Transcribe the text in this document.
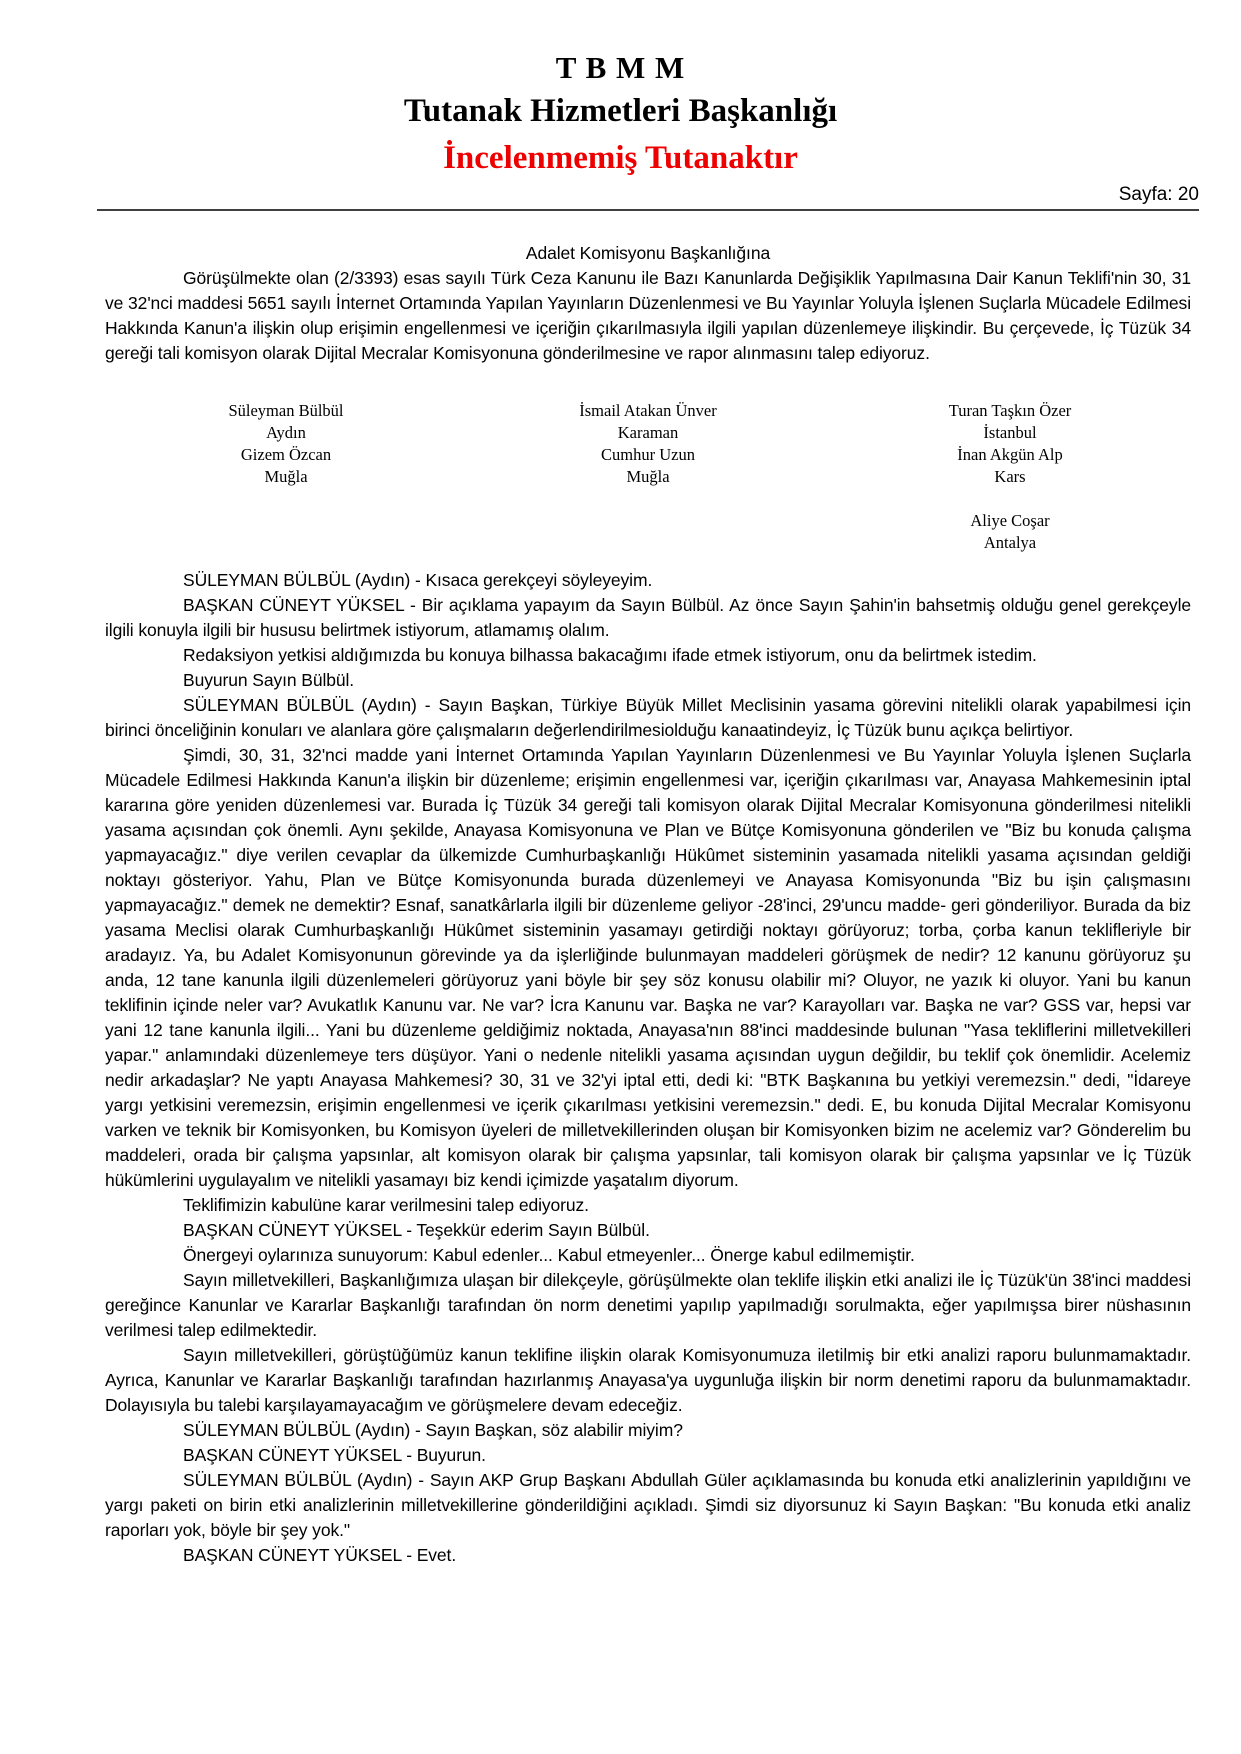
T B M M
Tutanak Hizmetleri Başkanlığı
İncelenmemiş Tutanaktır
Sayfa: 20

Adalet Komisyonu Başkanlığına

Görüşülmekte olan (2/3393) esas sayılı Türk Ceza Kanunu ile Bazı Kanunlarda Değişiklik Yapılmasına Dair Kanun Teklifi'nin 30, 31 ve 32'nci maddesi 5651 sayılı İnternet Ortamında Yapılan Yayınların Düzenlenmesi ve Bu Yayınlar Yoluyla İşlenen Suçlarla Mücadele Edilmesi Hakkında Kanun'a ilişkin olup erişimin engellenmesi ve içeriğin çıkarılmasıyla ilgili yapılan düzenlemeye ilişkindir. Bu çerçevede, İç Tüzük 34 gereği tali komisyon olarak Dijital Mecralar Komisyonuna gönderilmesine ve rapor alınmasını talep ediyoruz.

Süleyman Bülbül
Aydın
Gizem Özcan
Muğla
İsmail Atakan Ünver
Karaman
Cumhur Uzun
Muğla
Turan Taşkın Özer
İstanbul
İnan Akgün Alp
Kars
Aliye Coşar
Antalya

SÜLEYMAN BÜLBÜL (Aydın) - Kısaca gerekçeyi söyleyeyim.

BAŞKAN CÜNEYT YÜKSEL - Bir açıklama yapayım da Sayın Bülbül. Az önce Sayın Şahin'in bahsetmiş olduğu genel gerekçeyle ilgili konuyla ilgili bir hususu belirtmek istiyorum, atlamamış olalım.

Redaksiyon yetkisi aldığımızda bu konuya bilhassa bakacağımı ifade etmek istiyorum, onu da belirtmek istedim.

Buyurun Sayın Bülbül.

SÜLEYMAN BÜLBÜL (Aydın) - Sayın Başkan, Türkiye Büyük Millet Meclisinin yasama görevini nitelikli olarak yapabilmesi için birinci önceliğinin konuları ve alanlara göre çalışmaların değerlendirilmesiolduğu kanaatindeyiz, İç Tüzük bunu açıkça belirtiyor.

Şimdi, 30, 31, 32'nci madde yani İnternet Ortamında Yapılan Yayınların Düzenlenmesi ve Bu Yayınlar Yoluyla İşlenen Suçlarla Mücadele Edilmesi Hakkında Kanun'a ilişkin bir düzenleme; erişimin engellenmesi var, içeriğin çıkarılması var, Anayasa Mahkemesinin iptal kararına göre yeniden düzenlemesi var. Burada İç Tüzük 34 gereği tali komisyon olarak Dijital Mecralar Komisyonuna gönderilmesi nitelikli yasama açısından çok önemli. Aynı şekilde, Anayasa Komisyonuna ve Plan ve Bütçe Komisyonuna gönderilen ve "Biz bu konuda çalışma yapmayacağız." diye verilen cevaplar da ülkemizde Cumhurbaşkanlığı Hükûmet sisteminin yasamada nitelikli yasama açısından geldiği noktayı gösteriyor. Yahu, Plan ve Bütçe Komisyonunda burada düzenlemeyi ve Anayasa Komisyonunda "Biz bu işin çalışmasını yapmayacağız." demek ne demektir? Esnaf, sanatkârlarla ilgili bir düzenleme geliyor -28'inci, 29'uncu madde- geri gönderiliyor. Burada da biz yasama Meclisi olarak Cumhurbaşkanlığı Hükûmet sisteminin yasamayı getirdiği noktayı görüyoruz; torba, çorba kanun teklifleriyle bir aradayız. Ya, bu Adalet Komisyonunun görevinde ya da işlerliğinde bulunmayan maddeleri görüşmek de nedir? 12 kanunu görüyoruz şu anda, 12 tane kanunla ilgili düzenlemeleri görüyoruz yani böyle bir şey söz konusu olabilir mi? Oluyor, ne yazık ki oluyor. Yani bu kanun teklifinin içinde neler var? Avukatlık Kanunu var. Ne var? İcra Kanunu var. Başka ne var? Karayolları var. Başka ne var? GSS var, hepsi var yani 12 tane kanunla ilgili... Yani bu düzenleme geldiğimiz noktada, Anayasa'nın 88'inci maddesinde bulunan "Yasa tekliflerini milletvekilleri yapar." anlamındaki düzenlemeye ters düşüyor. Yani o nedenle nitelikli yasama açısından uygun değildir, bu teklif çok önemlidir. Acelemiz nedir arkadaşlar? Ne yaptı Anayasa Mahkemesi? 30, 31 ve 32'yi iptal etti, dedi ki: "BTK Başkanına bu yetkiyi veremezsin." dedi, "İdareye yargı yetkisini veremezsin, erişimin engellenmesi ve içerik çıkarılması yetkisini veremezsin." dedi. E, bu konuda Dijital Mecralar Komisyonu varken ve teknik bir Komisyonken, bu Komisyon üyeleri de milletvekillerinden oluşan bir Komisyonken bizim ne acelemiz var? Gönderelim bu maddeleri, orada bir çalışma yapsınlar, alt komisyon olarak bir çalışma yapsınlar, tali komisyon olarak bir çalışma yapsınlar ve İç Tüzük hükümlerini uygulayalım ve nitelikli yasamayı biz kendi içimizde yaşatalım diyorum.

Teklifimizin kabulüne karar verilmesini talep ediyoruz.

BAŞKAN CÜNEYT YÜKSEL - Teşekkür ederim Sayın Bülbül.

Önergeyi oylarınıza sunuyorum: Kabul edenler... Kabul etmeyenler... Önerge kabul edilmemiştir.

Sayın milletvekilleri, Başkanlığımıza ulaşan bir dilekçeyle, görüşülmekte olan teklife ilişkin etki analizi ile İç Tüzük'ün 38'inci maddesi gereğince Kanunlar ve Kararlar Başkanlığı tarafından ön norm denetimi yapılıp yapılmadığı sorulmakta, eğer yapılmışsa birer nüshasının verilmesi talep edilmektedir.

Sayın milletvekilleri, görüştüğümüz kanun teklifine ilişkin olarak Komisyonumuza iletilmiş bir etki analizi raporu bulunmamaktadır. Ayrıca, Kanunlar ve Kararlar Başkanlığı tarafından hazırlanmış Anayasa'ya uygunluğa ilişkin bir norm denetimi raporu da bulunmamaktadır. Dolayısıyla bu talebi karşılayamayacağım ve görüşmelere devam edeceğiz.

SÜLEYMAN BÜLBÜL (Aydın) - Sayın Başkan, söz alabilir miyim?

BAŞKAN CÜNEYT YÜKSEL - Buyurun.

SÜLEYMAN BÜLBÜL (Aydın) - Sayın AKP Grup Başkanı Abdullah Güler açıklamasında bu konuda etki analizlerinin yapıldığını ve yargı paketi on birin etki analizlerinin milletvekillerine gönderildiğini açıkladı. Şimdi siz diyorsunuz ki Sayın Başkan: "Bu konuda etki analiz raporları yok, böyle bir şey yok."

BAŞKAN CÜNEYT YÜKSEL - Evet.
